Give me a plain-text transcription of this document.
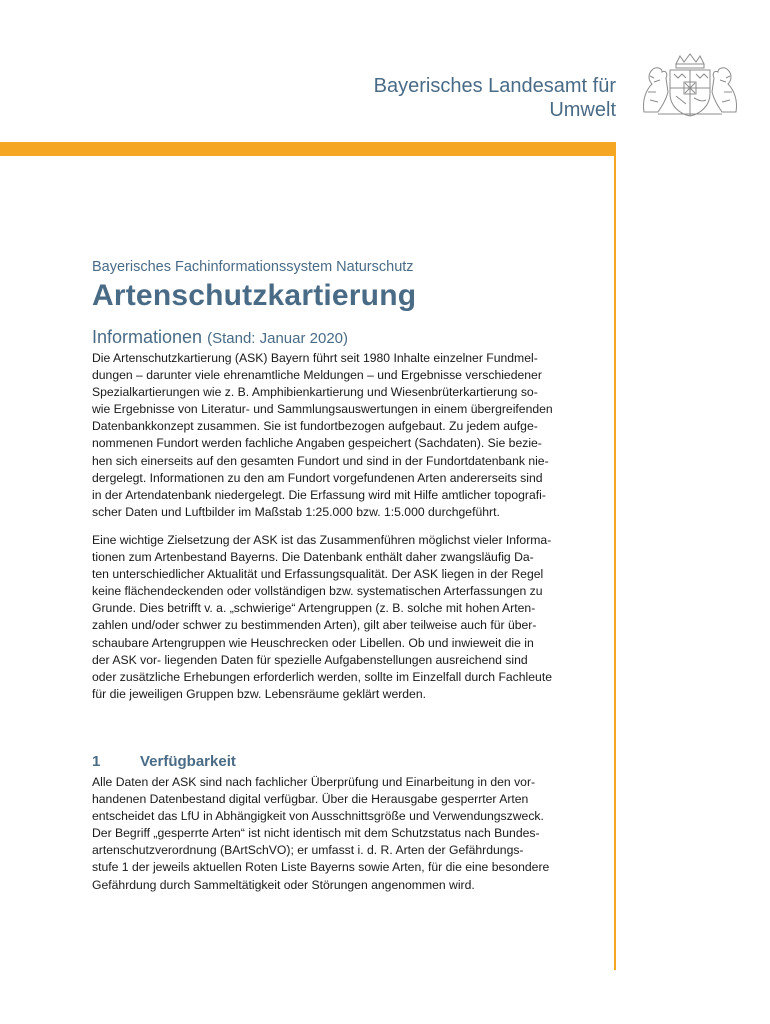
Bayerisches Landesamt für
Umwelt
Bayerisches Fachinformationssystem Naturschutz
Artenschutzkartierung
Informationen (Stand: Januar 2020)
Die Artenschutzkartierung (ASK) Bayern führt seit 1980 Inhalte einzelner Fundmel-
dungen – darunter viele ehrenamtliche Meldungen – und Ergebnisse verschiedener
Spezialkartierungen wie z. B. Amphibienkartierung und Wiesenbrüterkartierung so-
wie Ergebnisse von Literatur- und Sammlungsauswertungen in einem übergreifenden
Datenbankkonzept zusammen. Sie ist fundortbezogen aufgebaut. Zu jedem aufge-
nommenen Fundort werden fachliche Angaben gespeichert (Sachdaten). Sie bezie-
hen sich einerseits auf den gesamten Fundort und sind in der Fundortdatenbank nie-
dergelegt. Informationen zu den am Fundort vorgefundenen Arten andererseits sind
in der Artendatenbank niedergelegt. Die Erfassung wird mit Hilfe amtlicher topografi-
scher Daten und Luftbilder im Maßstab 1:25.000 bzw. 1:5.000 durchgeführt.
Eine wichtige Zielsetzung der ASK ist das Zusammenführen möglichst vieler Informa-
tionen zum Artenbestand Bayerns. Die Datenbank enthält daher zwangsläufig Da-
ten unterschiedlicher Aktualität und Erfassungsqualität. Der ASK liegen in der Regel
keine flächendeckenden oder vollständigen bzw. systematischen Arterfassungen zu
Grunde. Dies betrifft v. a. „schwierige“ Artengruppen (z. B. solche mit hohen Arten-
zahlen und/oder schwer zu bestimmenden Arten), gilt aber teilweise auch für über-
schaubare Artengruppen wie Heuschrecken oder Libellen. Ob und inwieweit die in
der ASK vor- liegenden Daten für spezielle Aufgabenstellungen ausreichend sind
oder zusätzliche Erhebungen erforderlich werden, sollte im Einzelfall durch Fachleute
für die jeweiligen Gruppen bzw. Lebensräume geklärt werden.
1	Verfügbarkeit
Alle Daten der ASK sind nach fachlicher Überprüfung und Einarbeitung in den vor-
handenen Datenbestand digital verfügbar. Über die Herausgabe gesperrter Arten
entscheidet das LfU in Abhängigkeit von Ausschnittsgröße und Verwendungszweck.
Der Begriff „gesperrte Arten“ ist nicht identisch mit dem Schutzstatus nach Bundes-
artenschutzverordnung (BArtSchVO); er umfasst i. d. R. Arten der Gefährdungs-
stufe 1 der jeweils aktuellen Roten Liste Bayerns sowie Arten, für die eine besondere
Gefährdung durch Sammeltätigkeit oder Störungen angenommen wird.
